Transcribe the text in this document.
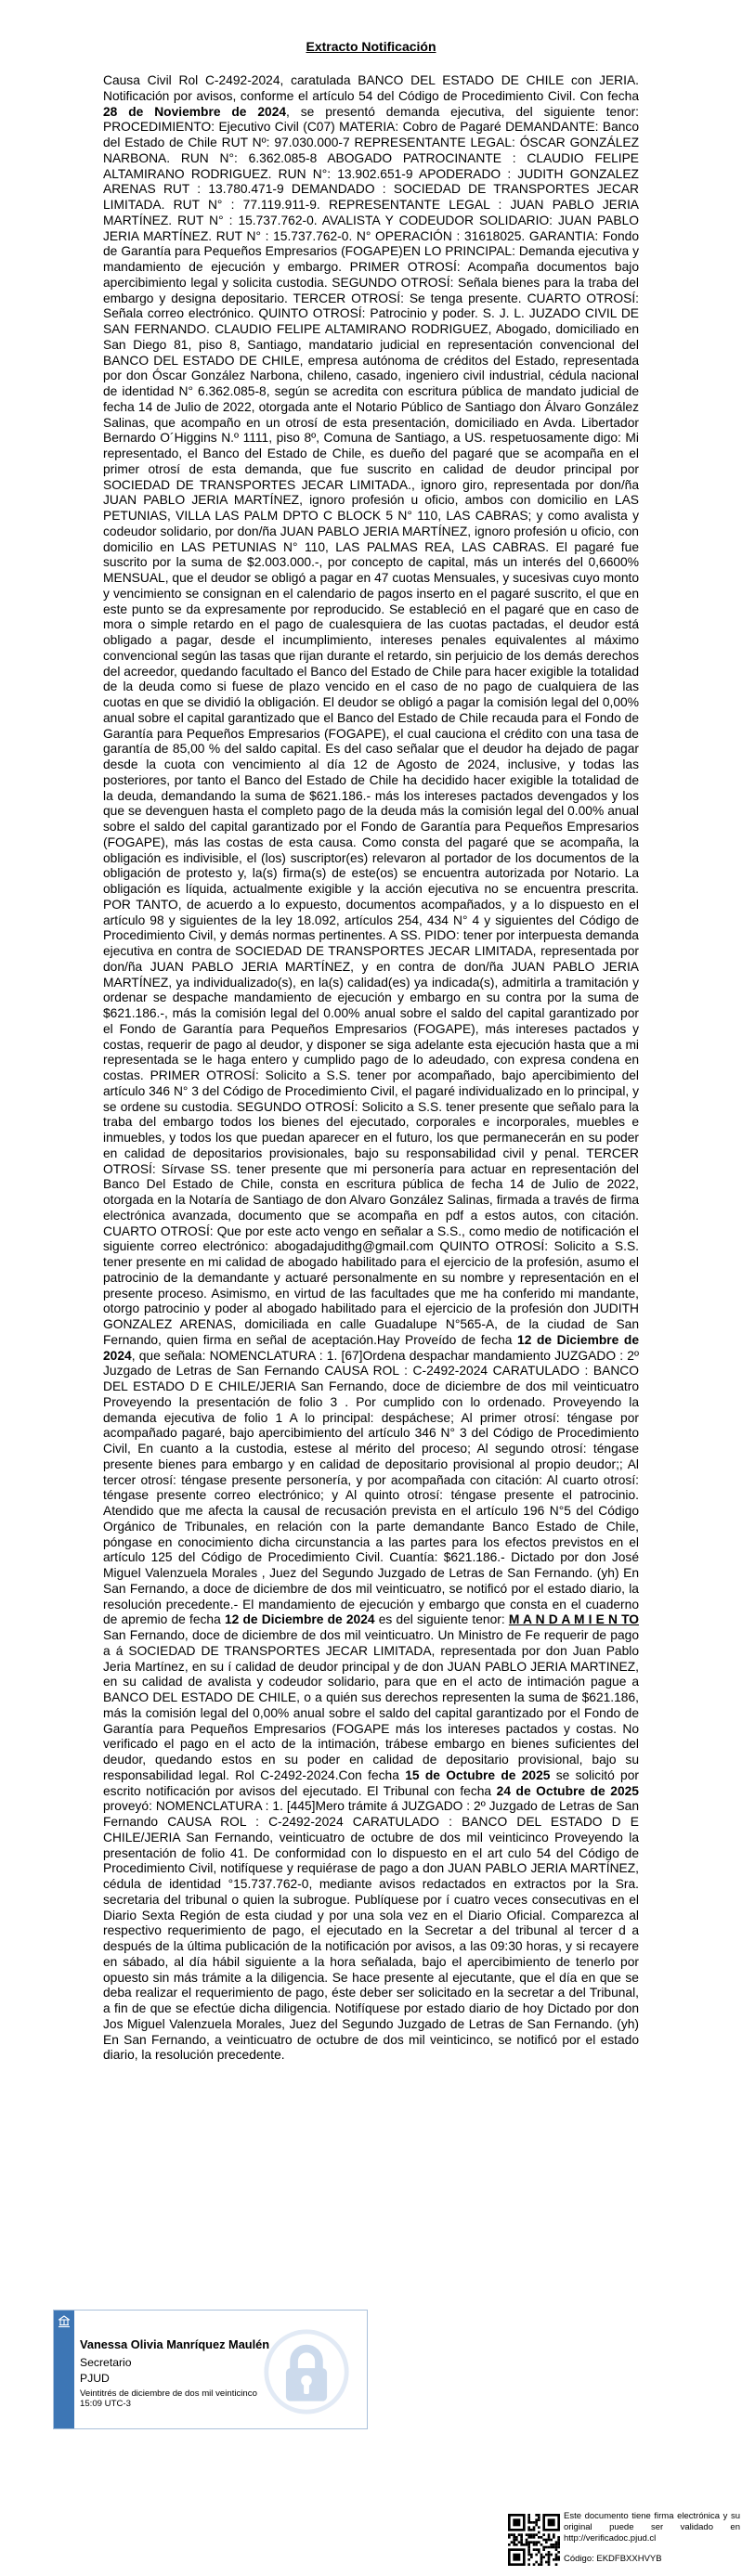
Extracto Notificación
Causa Civil Rol C-2492-2024, caratulada BANCO DEL ESTADO DE CHILE con JERIA. Notificación por avisos, conforme el artículo 54 del Código de Procedimiento Civil. Con fecha 28 de Noviembre de 2024, se presentó demanda ejecutiva, del siguiente tenor: PROCEDIMIENTO: Ejecutivo Civil (C07) MATERIA: Cobro de Pagaré DEMANDANTE: Banco del Estado de Chile RUT Nº: 97.030.000-7 REPRESENTANTE LEGAL: ÓSCAR GONZÁLEZ NARBONA. RUN N°: 6.362.085-8 ABOGADO PATROCINANTE : CLAUDIO FELIPE ALTAMIRANO RODRIGUEZ. RUN N°: 13.902.651-9 APODERADO : JUDITH GONZALEZ ARENAS RUT : 13.780.471-9 DEMANDADO : SOCIEDAD DE TRANSPORTES JECAR LIMITADA. RUT N° : 77.119.911-9. REPRESENTANTE LEGAL : JUAN PABLO JERIA MARTÍNEZ. RUT N° : 15.737.762-0. AVALISTA Y CODEUDOR SOLIDARIO: JUAN PABLO JERIA MARTÍNEZ. RUT N° : 15.737.762-0. N° OPERACIÓN : 31618025. GARANTIA: Fondo de Garantía para Pequeños Empresarios (FOGAPE)EN LO PRINCIPAL: Demanda ejecutiva y mandamiento de ejecución y embargo. PRIMER OTROSÍ: Acompaña documentos bajo apercibimiento legal y solicita custodia. SEGUNDO OTROSÍ: Señala bienes para la traba del embargo y designa depositario. TERCER OTROSÍ: Se tenga presente. CUARTO OTROSÍ: Señala correo electrónico. QUINTO OTROSÍ: Patrocinio y poder. S. J. L. JUZADO CIVIL DE SAN FERNANDO. CLAUDIO FELIPE ALTAMIRANO RODRIGUEZ, Abogado, domiciliado en San Diego 81, piso 8, Santiago, mandatario judicial en representación convencional del BANCO DEL ESTADO DE CHILE, empresa autónoma de créditos del Estado, representada por don Óscar González Narbona, chileno, casado, ingeniero civil industrial, cédula nacional de identidad N° 6.362.085-8, según se acredita con escritura pública de mandato judicial de fecha 14 de Julio de 2022, otorgada ante el Notario Público de Santiago don Álvaro González Salinas, que acompaño en un otrosí de esta presentación, domiciliado en Avda. Libertador Bernardo O´Higgins N.º 1111, piso 8º, Comuna de Santiago, a US. respetuosamente digo: Mi representado, el Banco del Estado de Chile, es dueño del pagaré que se acompaña en el primer otrosí de esta demanda, que fue suscrito en calidad de deudor principal por SOCIEDAD DE TRANSPORTES JECAR LIMITADA., ignoro giro, representada por don/ña JUAN PABLO JERIA MARTÍNEZ, ignoro profesión u oficio, ambos con domicilio en LAS PETUNIAS, VILLA LAS PALM DPTO C BLOCK 5 N° 110, LAS CABRAS; y como avalista y codeudor solidario, por don/ña JUAN PABLO JERIA MARTÍNEZ, ignoro profesión u oficio, con domicilio en LAS PETUNIAS N° 110, LAS PALMAS REA, LAS CABRAS. El pagaré fue suscrito por la suma de $2.003.000.-, por concepto de capital, más un interés del 0,6600% MENSUAL, que el deudor se obligó a pagar en 47 cuotas Mensuales, y sucesivas cuyo monto y vencimiento se consignan en el calendario de pagos inserto en el pagaré suscrito, el que en este punto se da expresamente por reproducido. Se estableció en el pagaré que en caso de mora o simple retardo en el pago de cualesquiera de las cuotas pactadas, el deudor está obligado a pagar, desde el incumplimiento, intereses penales equivalentes al máximo convencional según las tasas que rijan durante el retardo, sin perjuicio de los demás derechos del acreedor, quedando facultado el Banco del Estado de Chile para hacer exigible la totalidad de la deuda como si fuese de plazo vencido en el caso de no pago de cualquiera de las cuotas en que se dividió la obligación. El deudor se obligó a pagar la comisión legal del 0,00% anual sobre el capital garantizado que el Banco del Estado de Chile recauda para el Fondo de Garantía para Pequeños Empresarios (FOGAPE), el cual cauciona el crédito con una tasa de garantía de 85,00 % del saldo capital. Es del caso señalar que el deudor ha dejado de pagar desde la cuota con vencimiento al día 12 de Agosto de 2024, inclusive, y todas las posteriores, por tanto el Banco del Estado de Chile ha decidido hacer exigible la totalidad de la deuda, demandando la suma de $621.186.- más los intereses pactados devengados y los que se devenguen hasta el completo pago de la deuda más la comisión legal del 0.00% anual sobre el saldo del capital garantizado por el Fondo de Garantía para Pequeños Empresarios (FOGAPE), más las costas de esta causa. Como consta del pagaré que se acompaña, la obligación es indivisible, el (los) suscriptor(es) relevaron al portador de los documentos de la obligación de protesto y, la(s) firma(s) de este(os) se encuentra autorizada por Notario. La obligación es líquida, actualmente exigible y la acción ejecutiva no se encuentra prescrita. POR TANTO, de acuerdo a lo expuesto, documentos acompañados, y a lo dispuesto en el artículo 98 y siguientes de la ley 18.092, artículos 254, 434 N° 4 y siguientes del Código de Procedimiento Civil, y demás normas pertinentes. A SS. PIDO: tener por interpuesta demanda ejecutiva en contra de SOCIEDAD DE TRANSPORTES JECAR LIMITADA, representada por don/ña JUAN PABLO JERIA MARTÍNEZ, y en contra de don/ña JUAN PABLO JERIA MARTÍNEZ, ya individualizado(s), en la(s) calidad(es) ya indicada(s), admitirla a tramitación y ordenar se despache mandamiento de ejecución y embargo en su contra por la suma de $621.186.-, más la comisión legal del 0.00% anual sobre el saldo del capital garantizado por el Fondo de Garantía para Pequeños Empresarios (FOGAPE), más intereses pactados y costas, requerir de pago al deudor, y disponer se siga adelante esta ejecución hasta que a mi representada se le haga entero y cumplido pago de lo adeudado, con expresa condena en costas. PRIMER OTROSÍ: Solicito a S.S. tener por acompañado, bajo apercibimiento del artículo 346 N° 3 del Código de Procedimiento Civil, el pagaré individualizado en lo principal, y se ordene su custodia. SEGUNDO OTROSÍ: Solicito a S.S. tener presente que señalo para la traba del embargo todos los bienes del ejecutado, corporales e incorporales, muebles e inmuebles, y todos los que puedan aparecer en el futuro, los que permanecerán en su poder en calidad de depositarios provisionales, bajo su responsabilidad civil y penal. TERCER OTROSÍ: Sírvase SS. tener presente que mi personería para actuar en representación del Banco Del Estado de Chile, consta en escritura pública de fecha 14 de Julio de 2022, otorgada en la Notaría de Santiago de don Alvaro González Salinas, firmada a través de firma electrónica avanzada, documento que se acompaña en pdf a estos autos, con citación. CUARTO OTROSÍ: Que por este acto vengo en señalar a S.S., como medio de notificación el siguiente correo electrónico: abogadajudithg@gmail.com QUINTO OTROSÍ: Solicito a S.S. tener presente en mi calidad de abogado habilitado para el ejercicio de la profesión, asumo el patrocinio de la demandante y actuaré personalmente en su nombre y representación en el presente proceso. Asimismo, en virtud de las facultades que me ha conferido mi mandante, otorgo patrocinio y poder al abogado habilitado para el ejercicio de la profesión don JUDITH GONZALEZ ARENAS, domiciliada en calle Guadalupe N°565-A, de la ciudad de San Fernando, quien firma en señal de aceptación.Hay Proveído de fecha 12 de Diciembre de 2024, que señala: NOMENCLATURA : 1. [67]Ordena despachar mandamiento JUZGADO : 2º Juzgado de Letras de San Fernando CAUSA ROL : C-2492-2024 CARATULADO : BANCO DEL ESTADO D E CHILE/JERIA San Fernando, doce de diciembre de dos mil veinticuatro Proveyendo la presentación de folio 3 . Por cumplido con lo ordenado. Proveyendo la demanda ejecutiva de folio 1 A lo principal: despáchese; Al primer otrosí: téngase por acompañado pagaré, bajo apercibimiento del artículo 346 N° 3 del Código de Procedimiento Civil, En cuanto a la custodia, estese al mérito del proceso; Al segundo otrosí: téngase presente bienes para embargo y en calidad de depositario provisional al propio deudor;; Al tercer otrosí: téngase presente personería, y por acompañada con citación: Al cuarto otrosí: téngase presente correo electrónico; y Al quinto otrosí: téngase presente el patrocinio. Atendido que me afecta la causal de recusación prevista en el artículo 196 N°5 del Código Orgánico de Tribunales, en relación con la parte demandante Banco Estado de Chile, póngase en conocimiento dicha circunstancia a las partes para los efectos previstos en el artículo 125 del Código de Procedimiento Civil. Cuantía: $621.186.- Dictado por don José Miguel Valenzuela Morales , Juez del Segundo Juzgado de Letras de San Fernando. (yh) En San Fernando, a doce de diciembre de dos mil veinticuatro, se notificó por el estado diario, la resolución precedente.- El mandamiento de ejecución y embargo que consta en el cuaderno de apremio de fecha 12 de Diciembre de 2024 es del siguiente tenor: M A N D A M I E N TO San Fernando, doce de diciembre de dos mil veinticuatro. Un Ministro de Fe requerir de pago a á SOCIEDAD DE TRANSPORTES JECAR LIMITADA, representada por don Juan Pablo Jeria Martínez, en su í calidad de deudor principal y de don JUAN PABLO JERIA MARTINEZ, en su calidad de avalista y codeudor solidario, para que en el acto de intimación pague a BANCO DEL ESTADO DE CHILE, o a quién sus derechos representen la suma de $621.186, más la comisión legal del 0,00% anual sobre el saldo del capital garantizado por el Fondo de Garantía para Pequeños Empresarios (FOGAPE más los intereses pactados y costas. No verificado el pago en el acto de la intimación, trábese embargo en bienes suficientes del deudor, quedando estos en su poder en calidad de depositario provisional, bajo su responsabilidad legal. Rol C-2492-2024.Con fecha 15 de Octubre de 2025 se solicitó por escrito notificación por avisos del ejecutado. El Tribunal con fecha 24 de Octubre de 2025 proveyó: NOMENCLATURA : 1. [445]Mero trámite á JUZGADO : 2º Juzgado de Letras de San Fernando CAUSA ROL : C-2492-2024 CARATULADO : BANCO DEL ESTADO D E CHILE/JERIA San Fernando, veinticuatro de octubre de dos mil veinticinco Proveyendo la presentación de folio 41. De conformidad con lo dispuesto en el art culo 54 del Código de Procedimiento Civil, notifíquese y requiérase de pago a don JUAN PABLO JERIA MARTÍNEZ, cédula de identidad °15.737.762-0, mediante avisos redactados en extractos por la Sra. secretaria del tribunal o quien la subrogue. Publíquese por í cuatro veces consecutivas en el Diario Sexta Región de esta ciudad y por una sola vez en el Diario Oficial. Comparezca al respectivo requerimiento de pago, el ejecutado en la Secretar a del tribunal al tercer d a después de la última publicación de la notificación por avisos, a las 09:30 horas, y si recayere en sábado, al día hábil siguiente a la hora señalada, bajo el apercibimiento de tenerlo por opuesto sin más trámite a la diligencia. Se hace presente al ejecutante, que el día en que se deba realizar el requerimiento de pago, éste deber ser solicitado en la secretar a del Tribunal, a fin de que se efectúe dicha diligencia. Notifíquese por estado diario de hoy Dictado por don Jos Miguel Valenzuela Morales, Juez del Segundo Juzgado de Letras de San Fernando. (yh) En San Fernando, a veinticuatro de octubre de dos mil veinticinco, se notificó por el estado diario, la resolución precedente.
Vanessa Olivia Manríquez Maulén
Secretario
PJUD
Veintitrés de diciembre de dos mil veinticinco
15:09 UTC-3
Este documento tiene firma electrónica y su original puede ser validado en http://verificadoc.pjud.cl
Código: EKDFBXXHVYB
